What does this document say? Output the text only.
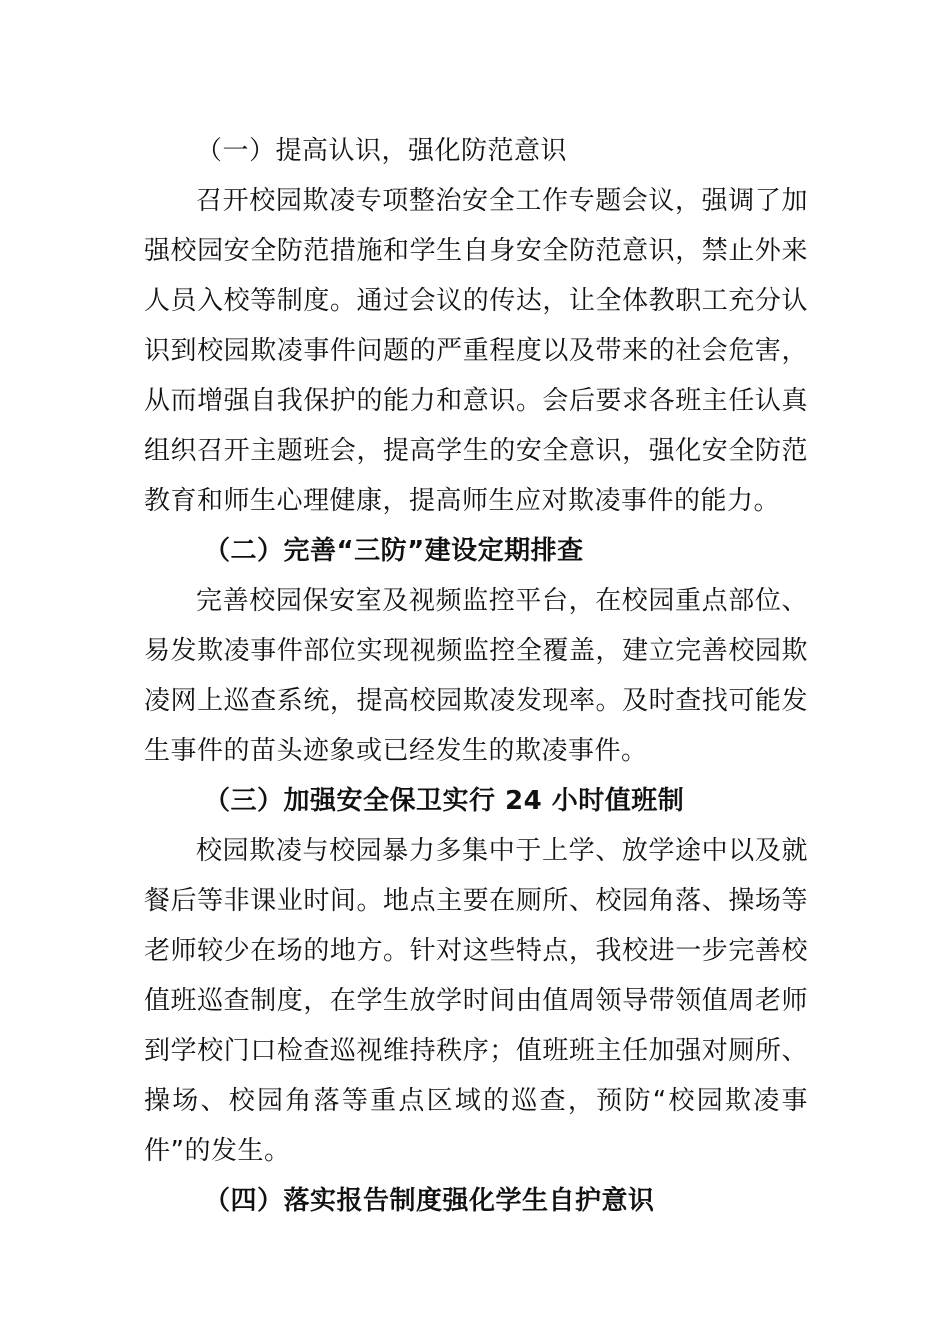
（一）提高认识，强化防范意识

召开校园欺凌专项整治安全工作专题会议，强调了加强校园安全防范措施和学生自身安全防范意识，禁止外来人员入校等制度。通过会议的传达，让全体教职工充分认识到校园欺凌事件问题的严重程度以及带来的社会危害，从而增强自我保护的能力和意识。会后要求各班主任认真组织召开主题班会，提高学生的安全意识，强化安全防范教育和师生心理健康，提高师生应对欺凌事件的能力。

（二）完善“三防”建设定期排查

完善校园保安室及视频监控平台，在校园重点部位、易发欺凌事件部位实现视频监控全覆盖，建立完善校园欺凌网上巡查系统，提高校园欺凌发现率。及时查找可能发生事件的苗头迹象或已经发生的欺凌事件。

（三）加强安全保卫实行 24 小时值班制

校园欺凌与校园暴力多集中于上学、放学途中以及就餐后等非课业时间。地点主要在厕所、校园角落、操场等老师较少在场的地方。针对这些特点，我校进一步完善校值班巡查制度，在学生放学时间由值周领导带领值周老师到学校门口检查巡视维持秩序；值班班主任加强对厕所、操场、校园角落等重点区域的巡查，预防“校园欺凌事件”的发生。

（四）落实报告制度强化学生自护意识
